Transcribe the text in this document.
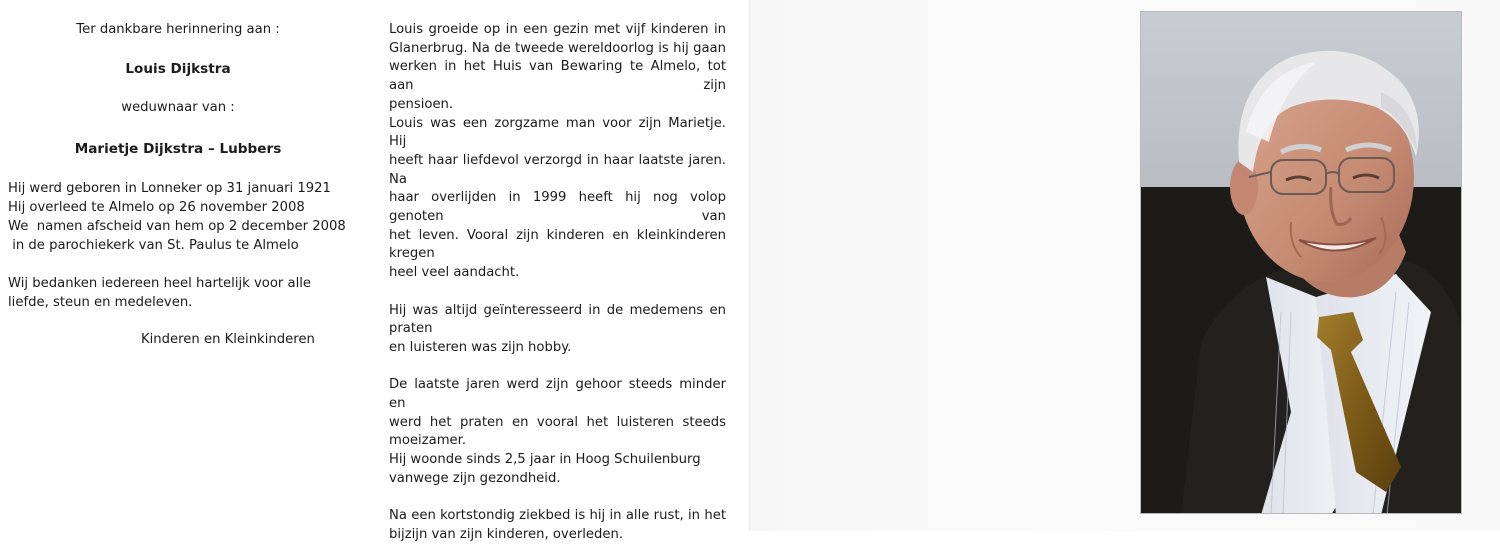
Ter dankbare herinnering aan :
Louis Dijkstra
weduwnaar van :
Marietje Dijkstra – Lubbers
Hij werd geboren in Lonneker op 31 januari 1921
Hij overleed te Almelo op 26 november 2008
We  namen afscheid van hem op 2 december 2008
in de parochiekerk van St. Paulus te Almelo
Wij bedanken iedereen heel hartelijk voor alle
liefde, steun en medeleven.
Kinderen en Kleinkinderen

Louis groeide op in een gezin met vijf kinderen in

Glanerbrug. Na de tweede wereldoorlog is hij gaan

werken in het Huis van Bewaring te Almelo, tot aan zijn

pensioen.

Louis was een zorgzame man voor zijn Marietje. Hij

heeft haar liefdevol verzorgd in haar laatste jaren. Na

haar overlijden in 1999 heeft hij nog volop genoten van

het leven. Vooral zijn kinderen en kleinkinderen kregen

heel veel aandacht.

Hij was altijd geïnteresseerd in de medemens en praten

en luisteren was zijn hobby.

De laatste jaren werd zijn gehoor steeds minder en

werd het praten en vooral het luisteren steeds

moeizamer.

Hij woonde sinds 2,5 jaar in Hoog Schuilenburg

vanwege zijn gezondheid.

Na een kortstondig ziekbed is hij in alle rust, in het

bijzijn van zijn kinderen, overleden.
